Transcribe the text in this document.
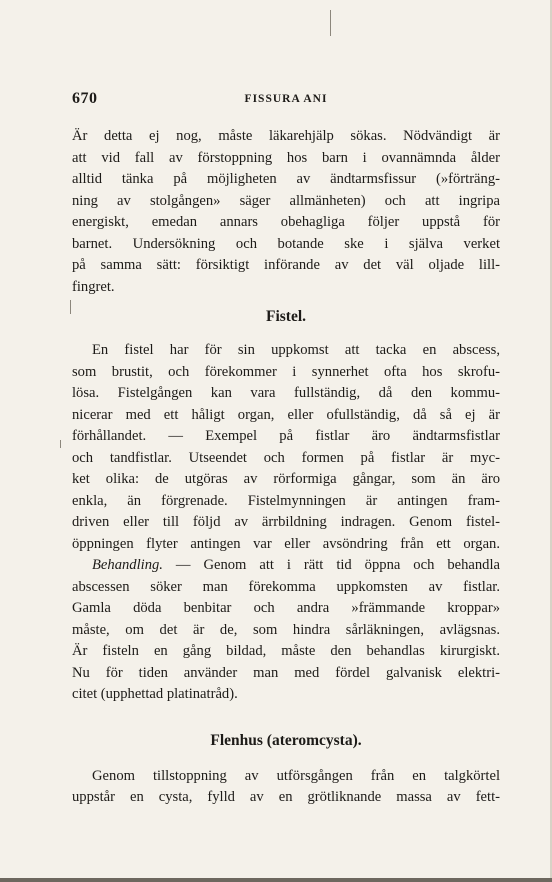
670	FISSURA ANI

Är detta ej nog, måste läkarehjälp sökas. Nödvändigt är

att vid fall av förstoppning hos barn i ovannämnda ålder

alltid tänka på möjligheten av ändtarmsfissur (»förträng-

ning av stolgången» säger allmänheten) och att ingripa

energiskt, emedan annars obehagliga följer uppstå för

barnet. Undersökning och botande ske i själva verket

på samma sätt: försiktigt införande av det väl oljade lill-

fingret.

Fistel.

En fistel har för sin uppkomst att tacka en abscess,

som brustit, och förekommer i synnerhet ofta hos skrofu-

lösa. Fistelgången kan vara fullständig, då den kommu-

nicerar med ett håligt organ, eller ofullständig, då så ej är

förhållandet. — Exempel på fistlar äro ändtarmsfistlar

och tandfistlar. Utseendet och formen på fistlar är myc-

ket olika: de utgöras av rörformiga gångar, som än äro

enkla, än förgrenade. Fistelmynningen är antingen fram-

driven eller till följd av ärrbildning indragen. Genom fistel-

öppningen flyter antingen var eller avsöndring från ett organ.

Behandling. — Genom att i rätt tid öppna och behandla

abscessen söker man förekomma uppkomsten av fistlar.

Gamla döda benbitar och andra »främmande kroppar»

måste, om det är de, som hindra sårläkningen, avlägsnas.

Är fisteln en gång bildad, måste den behandlas kirurgiskt.

Nu för tiden använder man med fördel galvanisk elektri-

citet (upphettad platinatråd).

Flenhus (ateromcysta).

Genom tillstoppning av utförsgången från en talgkörtel

uppstår en cysta, fylld av en grötliknande massa av fett-
